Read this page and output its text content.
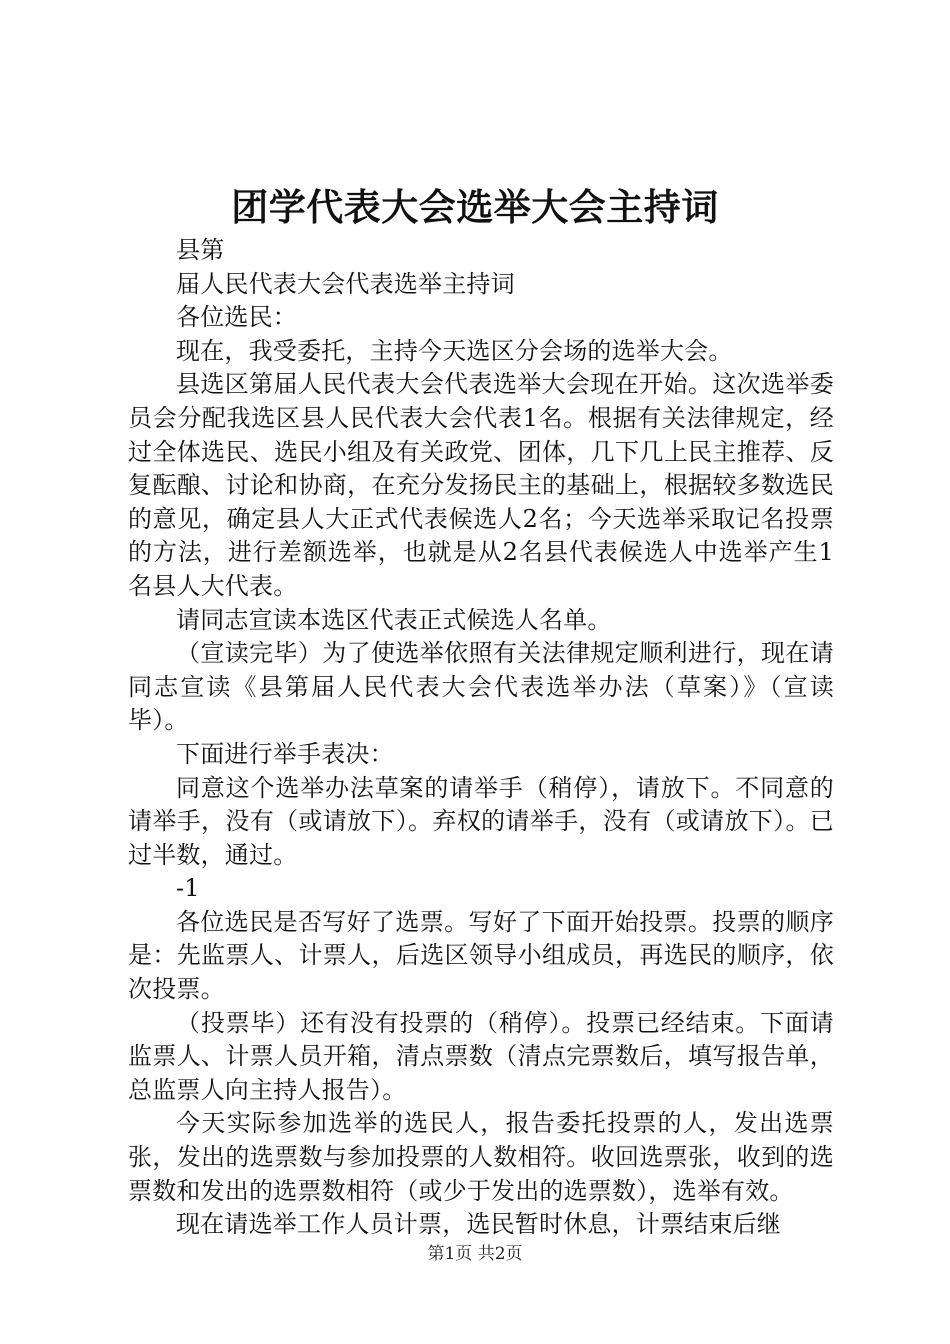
团学代表大会选举大会主持词

县第

届人民代表大会代表选举主持词

各位选民：

现在，我受委托，主持今天选区分会场的选举大会。

县选区第届人民代表大会代表选举大会现在开始。这次选举委员会分配我选区县人民代表大会代表1名。根据有关法律规定，经过全体选民、选民小组及有关政党、团体，几下几上民主推荐、反复酝酿、讨论和协商，在充分发扬民主的基础上，根据较多数选民的意见，确定县人大正式代表候选人2名；今天选举采取记名投票的方法，进行差额选举，也就是从2名县代表候选人中选举产生1名县人大代表。

请同志宣读本选区代表正式候选人名单。

（宣读完毕）为了使选举依照有关法律规定顺利进行，现在请同志宣读《县第届人民代表大会代表选举办法（草案）》（宣读毕）。

下面进行举手表决：

同意这个选举办法草案的请举手（稍停），请放下。不同意的请举手，没有（或请放下）。弃权的请举手，没有（或请放下）。已过半数，通过。

-1

各位选民是否写好了选票。写好了下面开始投票。投票的顺序是：先监票人、计票人，后选区领导小组成员，再选民的顺序，依次投票。

（投票毕）还有没有投票的（稍停）。投票已经结束。下面请监票人、计票人员开箱，清点票数（清点完票数后，填写报告单，总监票人向主持人报告）。

今天实际参加选举的选民人，报告委托投票的人，发出选票张，发出的选票数与参加投票的人数相符。收回选票张，收到的选票数和发出的选票数相符（或少于发出的选票数），选举有效。

现在请选举工作人员计票，选民暂时休息，计票结束后继

第1页 共2页
